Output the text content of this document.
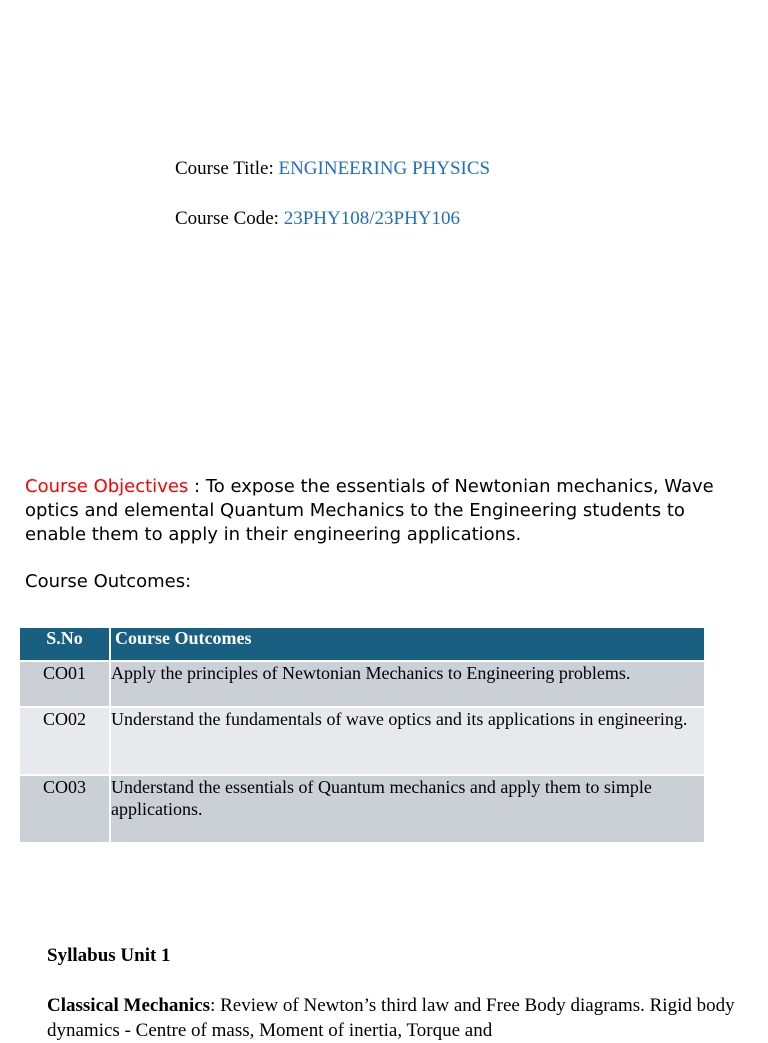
Course Title: ENGINEERING PHYSICS
Course Code: 23PHY108/23PHY106
Course Objectives : To expose the essentials of Newtonian mechanics, Wave optics and elemental Quantum Mechanics to the Engineering students to enable them to apply in their engineering applications.
Course Outcomes:
S.No	Course Outcomes
CO01	Apply the principles of Newtonian Mechanics to Engineering problems.
CO02	Understand the fundamentals of wave optics and its applications in engineering.
CO03	Understand the essentials of Quantum mechanics and apply them to simple applications.
Syllabus Unit 1
Classical Mechanics: Review of Newton’s third law and Free Body diagrams. Rigid body dynamics - Centre of mass, Moment of inertia, Torque and
